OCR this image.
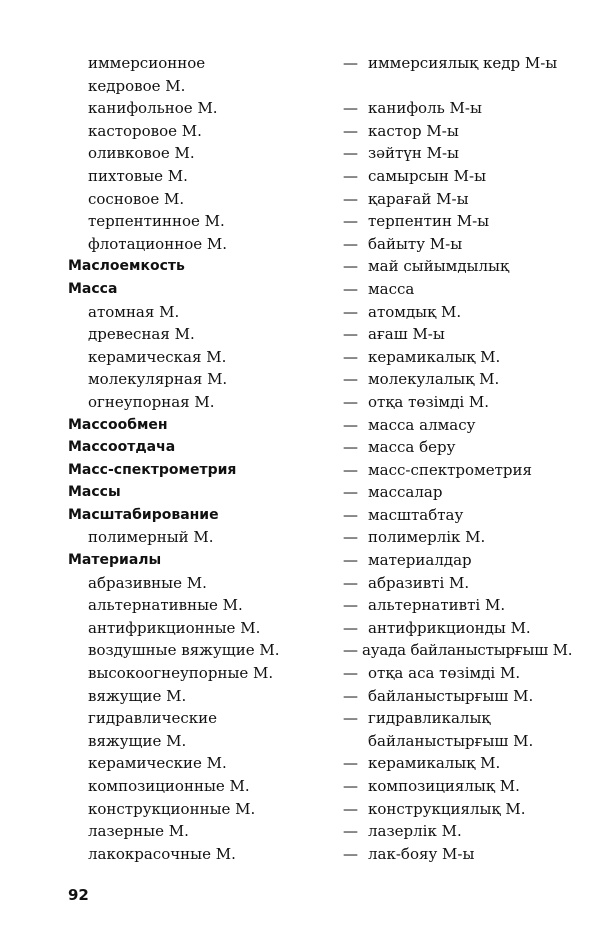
иммерсионное	— иммерсиялық кедр М-ы
кедровое М.
канифольное М.	— канифоль М-ы
касторовое М.	— кастор М-ы
оливковое М.	— зәйтүн М-ы
пихтовые М.	— самырсын М-ы
сосновое М.	— қарағай М-ы
терпентинное М.	— терпентин М-ы
флотационное М.	— байыту М-ы
Маслоемкость	— май сыйымдылық
Масса	— масса
атомная М.	— атомдық М.
древесная М.	— ағаш М-ы
керамическая М.	— керамикалық М.
молекулярная М.	— молекулалық М.
огнеупорная М.	— отқа төзімді М.
Массообмен	— масса алмасу
Массоотдача	— масса беру
Масс-спектрометрия	— масс-спектрометрия
Массы	— массалар
Масштабирование	— масштабтау
полимерный М.	— полимерлік М.
Материалы	— материалдар
абразивные М.	— абразивті М.
альтернативные М.	— альтернативті М.
антифрикционные М.	— антифрикционды М.
воздушные вяжущие М.	— ауада байланыстырғыш М.
высокоогнеупорные М.	— отқа аса төзімді М.
вяжущие М.	— байланыстырғыш М.
гидравлические	— гидравликалық
вяжущие М.	байланыстырғыш М.
керамические М.	— керамикалық М.
композиционные М.	— композициялық М.
конструкционные М.	— конструкциялық М.
лазерные М.	— лазерлік М.
лакокрасочные М.	— лак-бояу М-ы
92
